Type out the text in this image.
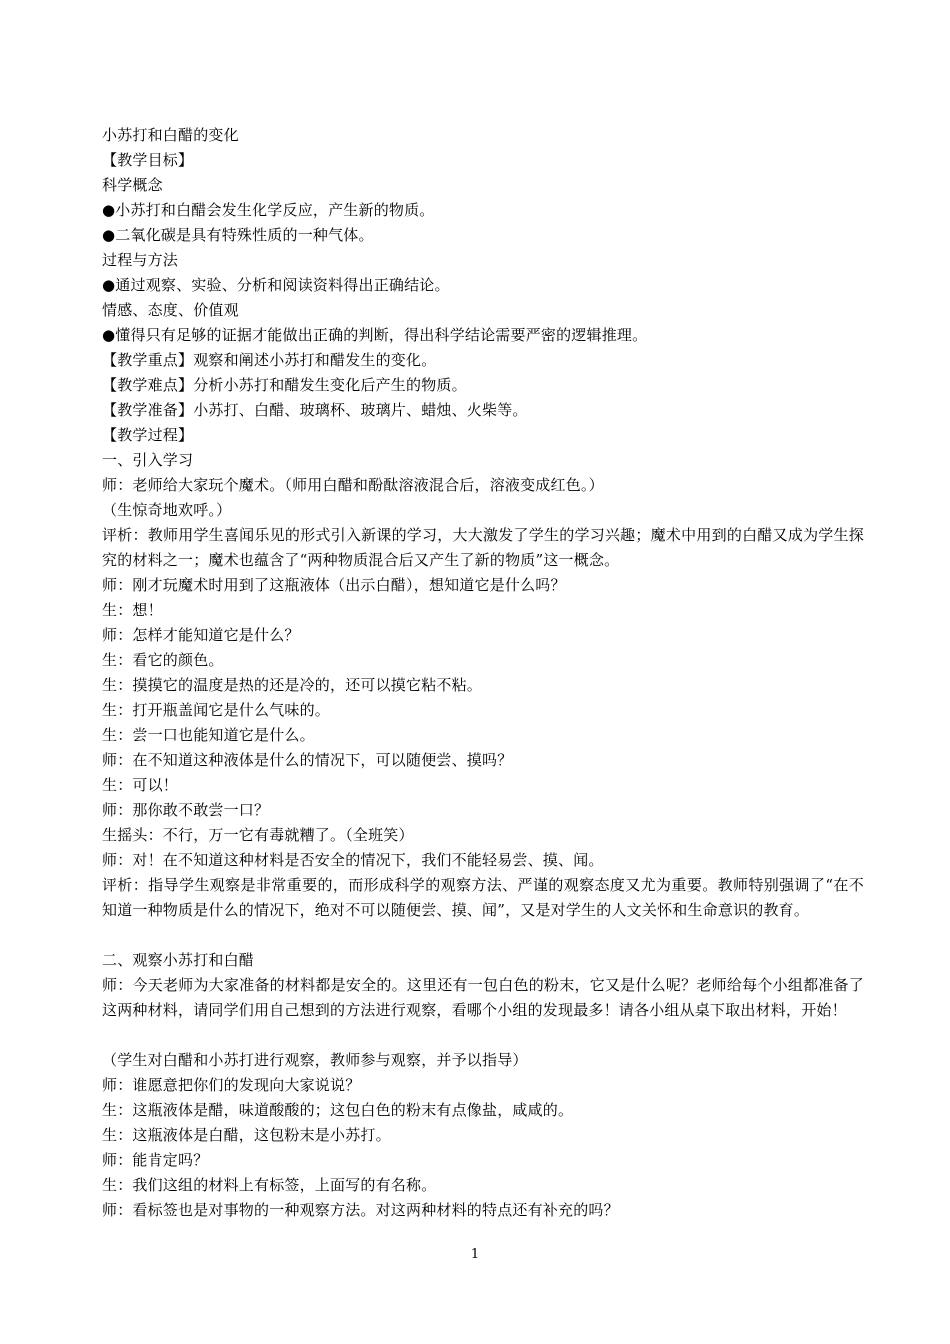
小苏打和白醋的变化
【教学目标】
科学概念
●小苏打和白醋会发生化学反应，产生新的物质。
●二氧化碳是具有特殊性质的一种气体。
过程与方法
●通过观察、实验、分析和阅读资料得出正确结论。
情感、态度、价值观
●懂得只有足够的证据才能做出正确的判断，得出科学结论需要严密的逻辑推理。
【教学重点】观察和阐述小苏打和醋发生的变化。
【教学难点】分析小苏打和醋发生变化后产生的物质。
【教学准备】小苏打、白醋、玻璃杯、玻璃片、蜡烛、火柴等。
【教学过程】
一、引入学习
师：老师给大家玩个魔术。（师用白醋和酚酞溶液混合后，溶液变成红色。）
（生惊奇地欢呼。）
评析：教师用学生喜闻乐见的形式引入新课的学习，大大激发了学生的学习兴趣；魔术中用到的白醋又成为学生探究的材料之一；魔术也蕴含了“两种物质混合后又产生了新的物质”这一概念。
师：刚才玩魔术时用到了这瓶液体（出示白醋），想知道它是什么吗？
生：想！
师：怎样才能知道它是什么？
生：看它的颜色。
生：摸摸它的温度是热的还是冷的，还可以摸它粘不粘。
生：打开瓶盖闻它是什么气味的。
生：尝一口也能知道它是什么。
师：在不知道这种液体是什么的情况下，可以随便尝、摸吗？
生：可以！
师：那你敢不敢尝一口？
生摇头：不行，万一它有毒就糟了。（全班笑）
师：对！在不知道这种材料是否安全的情况下，我们不能轻易尝、摸、闻。
评析：指导学生观察是非常重要的，而形成科学的观察方法、严谨的观察态度又尤为重要。教师特别强调了“在不知道一种物质是什么的情况下，绝对不可以随便尝、摸、闻”，又是对学生的人文关怀和生命意识的教育。
二、观察小苏打和白醋
师：今天老师为大家准备的材料都是安全的。这里还有一包白色的粉末，它又是什么呢？老师给每个小组都准备了这两种材料，请同学们用自己想到的方法进行观察，看哪个小组的发现最多！请各小组从桌下取出材料，开始！
（学生对白醋和小苏打进行观察，教师参与观察，并予以指导）
师：谁愿意把你们的发现向大家说说？
生：这瓶液体是醋，味道酸酸的；这包白色的粉末有点像盐，咸咸的。
生：这瓶液体是白醋，这包粉末是小苏打。
师：能肯定吗？
生：我们这组的材料上有标签，上面写的有名称。
师：看标签也是对事物的一种观察方法。对这两种材料的特点还有补充的吗？
1
